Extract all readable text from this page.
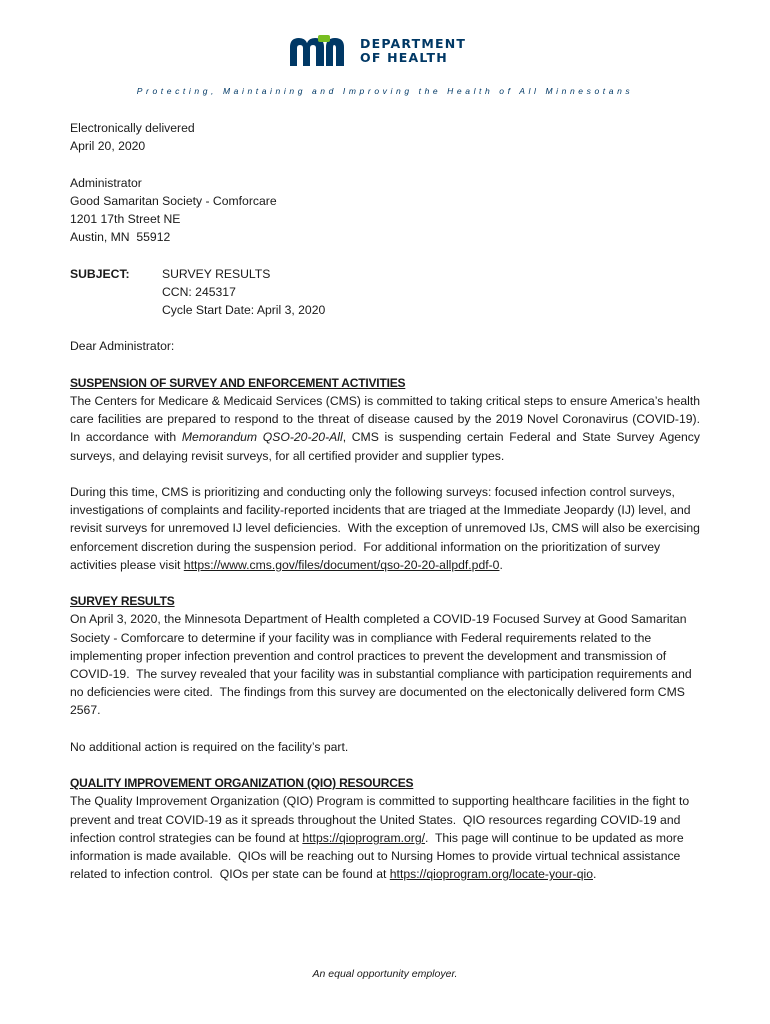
DEPARTMENT
OF HEALTH
Protecting, Maintaining and Improving the Health of All Minnesotans

Electronically delivered

April 20, 2020

Administrator

Good Samaritan Society - Comforcare

1201 17th Street NE

Austin, MN  55912

SUBJECT:	SURVEY RESULTS

CCN: 245317

Cycle Start Date: April 3, 2020

Dear Administrator:

SUSPENSION OF SURVEY AND ENFORCEMENT ACTIVITIES

The Centers for Medicare & Medicaid Services (CMS) is committed to taking critical steps to ensure America’s health care facilities are prepared to respond to the threat of disease caused by the 2019 Novel Coronavirus (COVID-19).   In accordance with Memorandum QSO-20-20-All, CMS is suspending certain Federal and State Survey Agency surveys, and delaying revisit surveys, for all certified provider and supplier types.

During this time, CMS is prioritizing and conducting only the following surveys: focused infection control surveys, investigations of complaints and facility-reported incidents that are triaged at the Immediate Jeopardy (IJ) level, and revisit surveys for unremoved IJ level deficiencies.  With the exception of unremoved IJs, CMS will also be exercising enforcement discretion during the suspension period.  For additional information on the prioritization of survey activities please visit https://www.cms.gov/files/document/qso-20-20-allpdf.pdf-0.

SURVEY RESULTS

On April 3, 2020, the Minnesota Department of Health completed a COVID-19 Focused Survey at Good Samaritan Society - Comforcare to determine if your facility was in compliance with Federal requirements related to the implementing proper infection prevention and control practices to prevent the development and transmission of COVID-19.  The survey revealed that your facility was in substantial compliance with participation requirements and no deficiencies were cited.  The findings from this survey are documented on the electonically delivered form CMS 2567.

No additional action is required on the facility’s part.

QUALITY IMPROVEMENT ORGANIZATION (QIO) RESOURCES

The Quality Improvement Organization (QIO) Program is committed to supporting healthcare facilities in the fight to prevent and treat COVID-19 as it spreads throughout the United States.  QIO resources regarding COVID-19 and infection control strategies can be found at https://qioprogram.org/.  This page will continue to be updated as more information is made available.  QIOs will be reaching out to Nursing Homes to provide virtual technical assistance related to infection control.  QIOs per state can be found at https://qioprogram.org/locate-your-qio.

An equal opportunity employer.
